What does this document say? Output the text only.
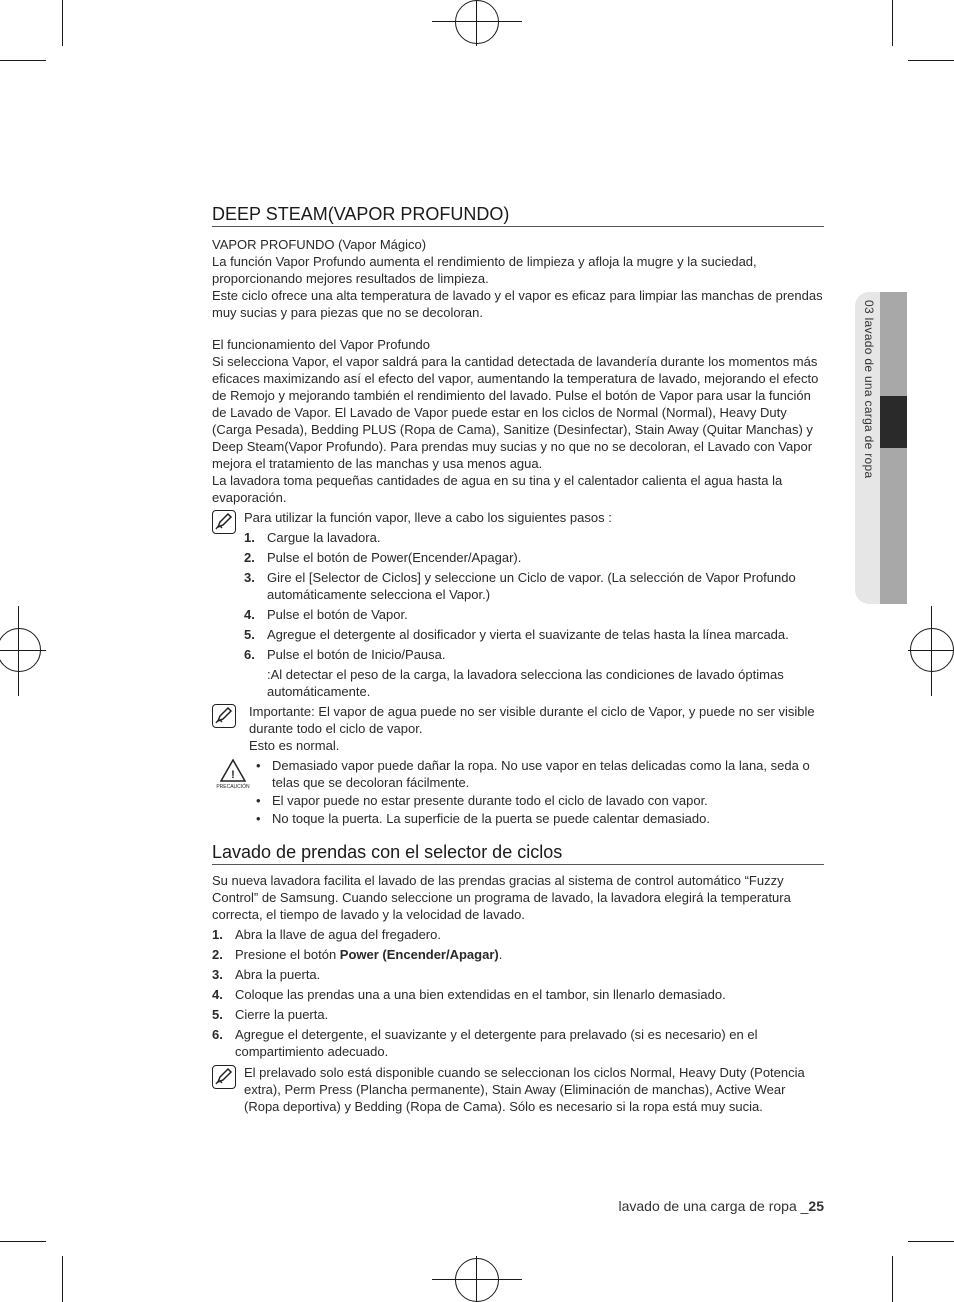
03 lavado de una carga de ropa
DEEP STEAM(VAPOR PROFUNDO)

VAPOR PROFUNDO (Vapor Mágico)

La función Vapor Profundo aumenta el rendimiento de limpieza y afloja la mugre y la suciedad, proporcionando mejores resultados de limpieza.

Este ciclo ofrece una alta temperatura de lavado y el vapor es eficaz para limpiar las manchas de prendas muy sucias y para piezas que no se decoloran.

El funcionamiento del Vapor Profundo

Si selecciona Vapor, el vapor saldrá para la cantidad detectada de lavandería durante los momentos más eficaces maximizando así el efecto del vapor, aumentando la temperatura de lavado, mejorando el efecto de Remojo y mejorando también el rendimiento del lavado. Pulse el botón de Vapor para usar la función de Lavado de Vapor. El Lavado de Vapor puede estar en los ciclos de Normal (Normal), Heavy Duty (Carga Pesada), Bedding PLUS (Ropa de Cama), Sanitize (Desinfectar), Stain Away (Quitar Manchas) y Deep Steam(Vapor Profundo). Para prendas muy sucias y no que no se decoloran, el Lavado con Vapor mejora el tratamiento de las manchas y usa menos agua.

La lavadora toma pequeñas cantidades de agua en su tina y el calentador calienta el agua hasta la evaporación.

Para utilizar la función vapor, lleve a cabo los siguientes pasos :

1. Cargue la lavadora.
2. Pulse el botón de Power(Encender/Apagar).
3. Gire el [Selector de Ciclos] y seleccione un Ciclo de vapor. (La selección de Vapor Profundo automáticamente selecciona el Vapor.)
4. Pulse el botón de Vapor.
5. Agregue el detergente al dosificador y vierta el suavizante de telas hasta la línea marcada.
6. Pulse el botón de Inicio/Pausa.
:Al detectar el peso de la carga, la lavadora selecciona las condiciones de lavado óptimas automáticamente.

Importante: El vapor de agua puede no ser visible durante el ciclo de Vapor, y puede no ser visible durante todo el ciclo de vapor.

Esto es normal.

!
PRECAUCIÓN
• Demasiado vapor puede dañar la ropa. No use vapor en telas delicadas como la lana, seda o telas que se decoloran fácilmente.
• El vapor puede no estar presente durante todo el ciclo de lavado con vapor.
• No toque la puerta. La superficie de la puerta se puede calentar demasiado.
Lavado de prendas con el selector de ciclos

Su nueva lavadora facilita el lavado de las prendas gracias al sistema de control automático “Fuzzy Control” de Samsung. Cuando seleccione un programa de lavado, la lavadora elegirá la temperatura correcta, el tiempo de lavado y la velocidad de lavado.

1. Abra la llave de agua del fregadero.
2. Presione el botón Power (Encender/Apagar).
3. Abra la puerta.
4. Coloque las prendas una a una bien extendidas en el tambor, sin llenarlo demasiado.
5. Cierre la puerta.
6. Agregue el detergente, el suavizante y el detergente para prelavado (si es necesario) en el compartimiento adecuado.

El prelavado solo está disponible cuando se seleccionan los ciclos Normal, Heavy Duty (Potencia extra), Perm Press (Plancha permanente), Stain Away (Eliminación de manchas), Active Wear (Ropa deportiva) y Bedding (Ropa de Cama). Sólo es necesario si la ropa está muy sucia.

lavado de una carga de ropa _25
